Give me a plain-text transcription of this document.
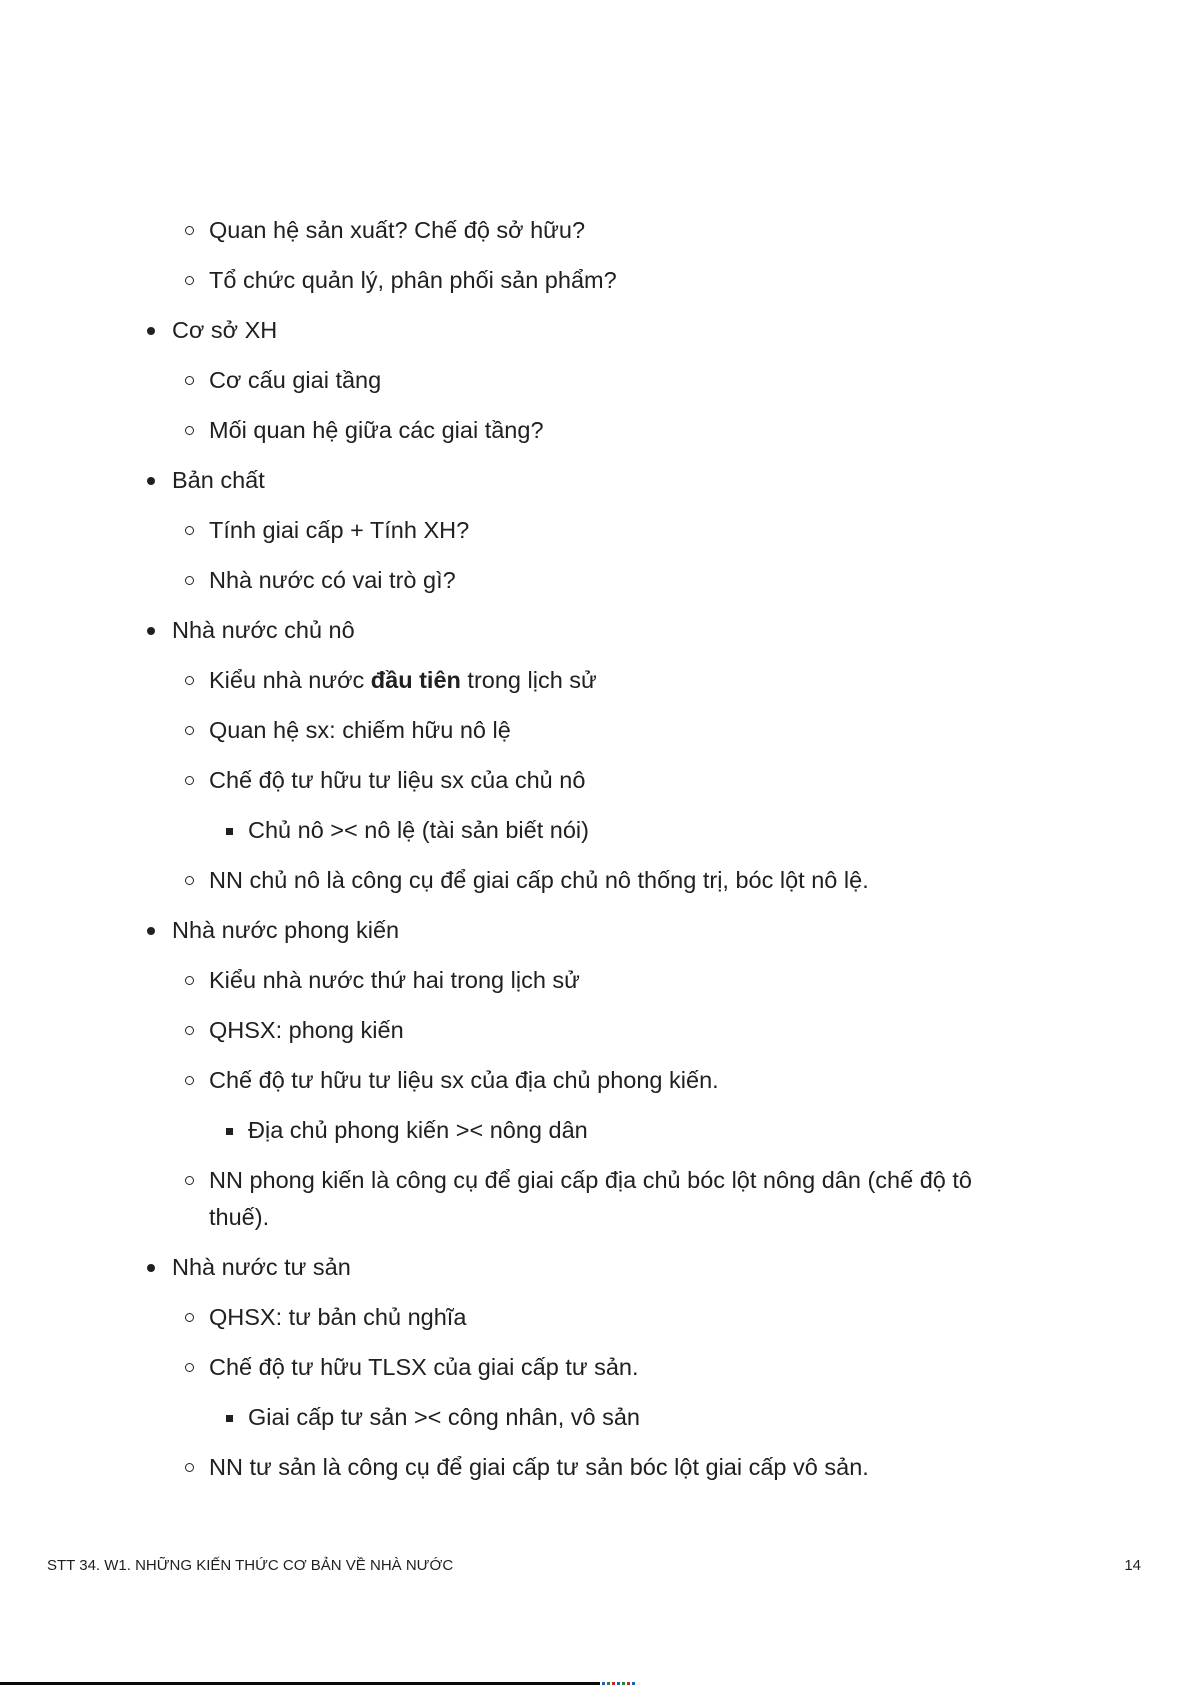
Quan hệ sản xuất? Chế độ sở hữu?
Tổ chức quản lý, phân phối sản phẩm?
Cơ sở XH
Cơ cấu giai tầng
Mối quan hệ giữa các giai tầng?
Bản chất
Tính giai cấp + Tính XH?
Nhà nước có vai trò gì?
Nhà nước chủ nô
Kiểu nhà nước đầu tiên trong lịch sử
Quan hệ sx: chiếm hữu nô lệ
Chế độ tư hữu tư liệu sx của chủ nô
Chủ nô >< nô lệ (tài sản biết nói)
NN chủ nô là công cụ để giai cấp chủ nô thống trị, bóc lột nô lệ.
Nhà nước phong kiến
Kiểu nhà nước thứ hai trong lịch sử
QHSX: phong kiến
Chế độ tư hữu tư liệu sx của địa chủ phong kiến.
Địa chủ phong kiến >< nông dân
NN phong kiến là công cụ để giai cấp địa chủ bóc lột nông dân (chế độ tô thuế).
Nhà nước tư sản
QHSX: tư bản chủ nghĩa
Chế độ tư hữu TLSX của giai cấp tư sản.
Giai cấp tư sản >< công nhân, vô sản
NN tư sản là công cụ để giai cấp tư sản bóc lột giai cấp vô sản.
STT 34. W1. NHỮNG KIẾN THỨC CƠ BẢN VỀ NHÀ NƯỚC	14
